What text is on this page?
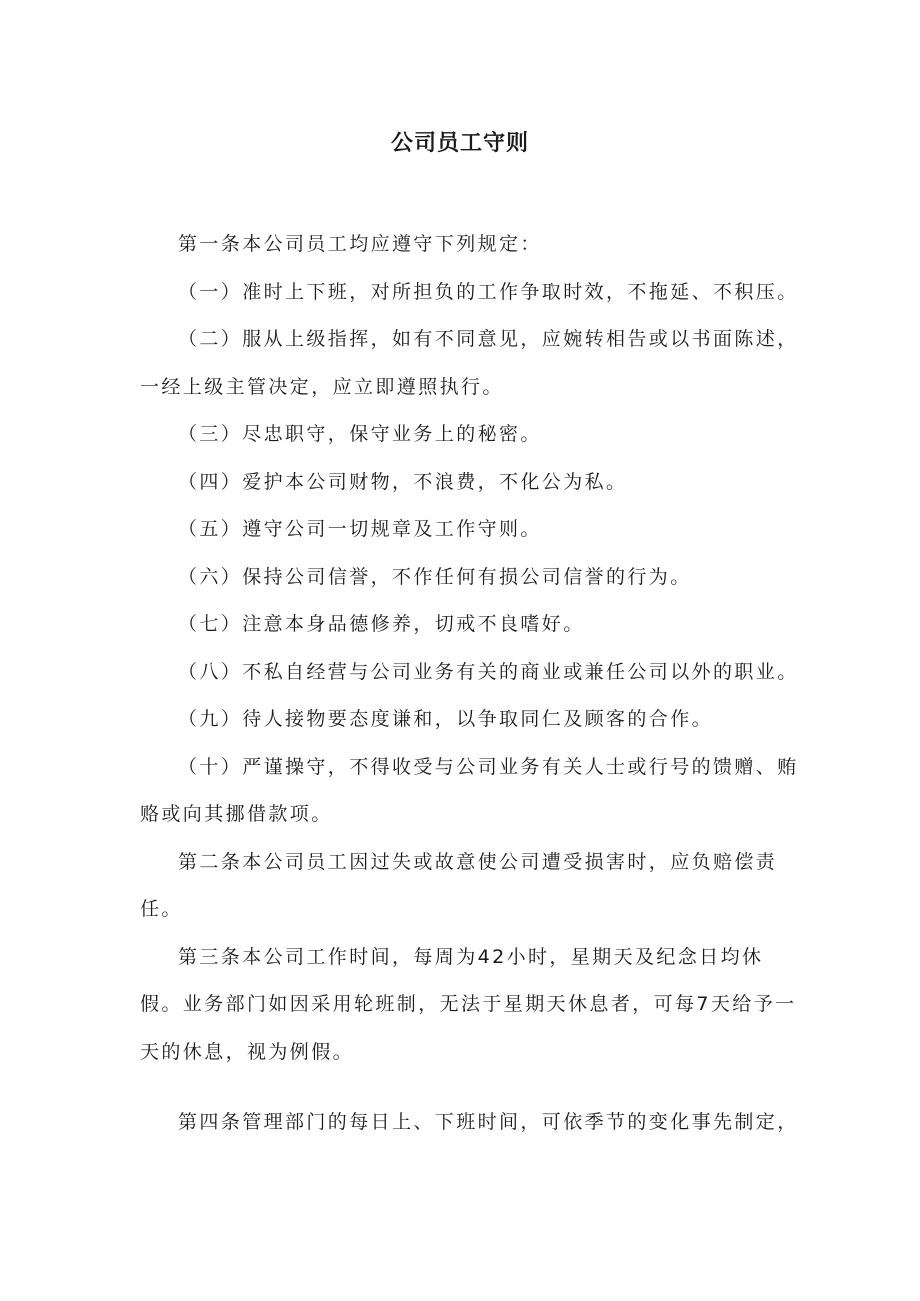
公司员工守则

第一条本公司员工均应遵守下列规定：

（一）准时上下班，对所担负的工作争取时效，不拖延、不积压。

（二）服从上级指挥，如有不同意见，应婉转相告或以书面陈述，一经上级主管决定，应立即遵照执行。

（三）尽忠职守，保守业务上的秘密。

（四）爱护本公司财物，不浪费，不化公为私。

（五）遵守公司一切规章及工作守则。

（六）保持公司信誉，不作任何有损公司信誉的行为。

（七）注意本身品德修养，切戒不良嗜好。

（八）不私自经营与公司业务有关的商业或兼任公司以外的职业。

（九）待人接物要态度谦和，以争取同仁及顾客的合作。

（十）严谨操守，不得收受与公司业务有关人士或行号的馈赠、贿赂或向其挪借款项。

第二条本公司员工因过失或故意使公司遭受损害时，应负赔偿责任。

第三条本公司工作时间，每周为42小时，星期天及纪念日均休假。业务部门如因采用轮班制，无法于星期天休息者，可每7天给予一天的休息，视为例假。

第四条管理部门的每日上、下班时间，可依季节的变化事先制定，
